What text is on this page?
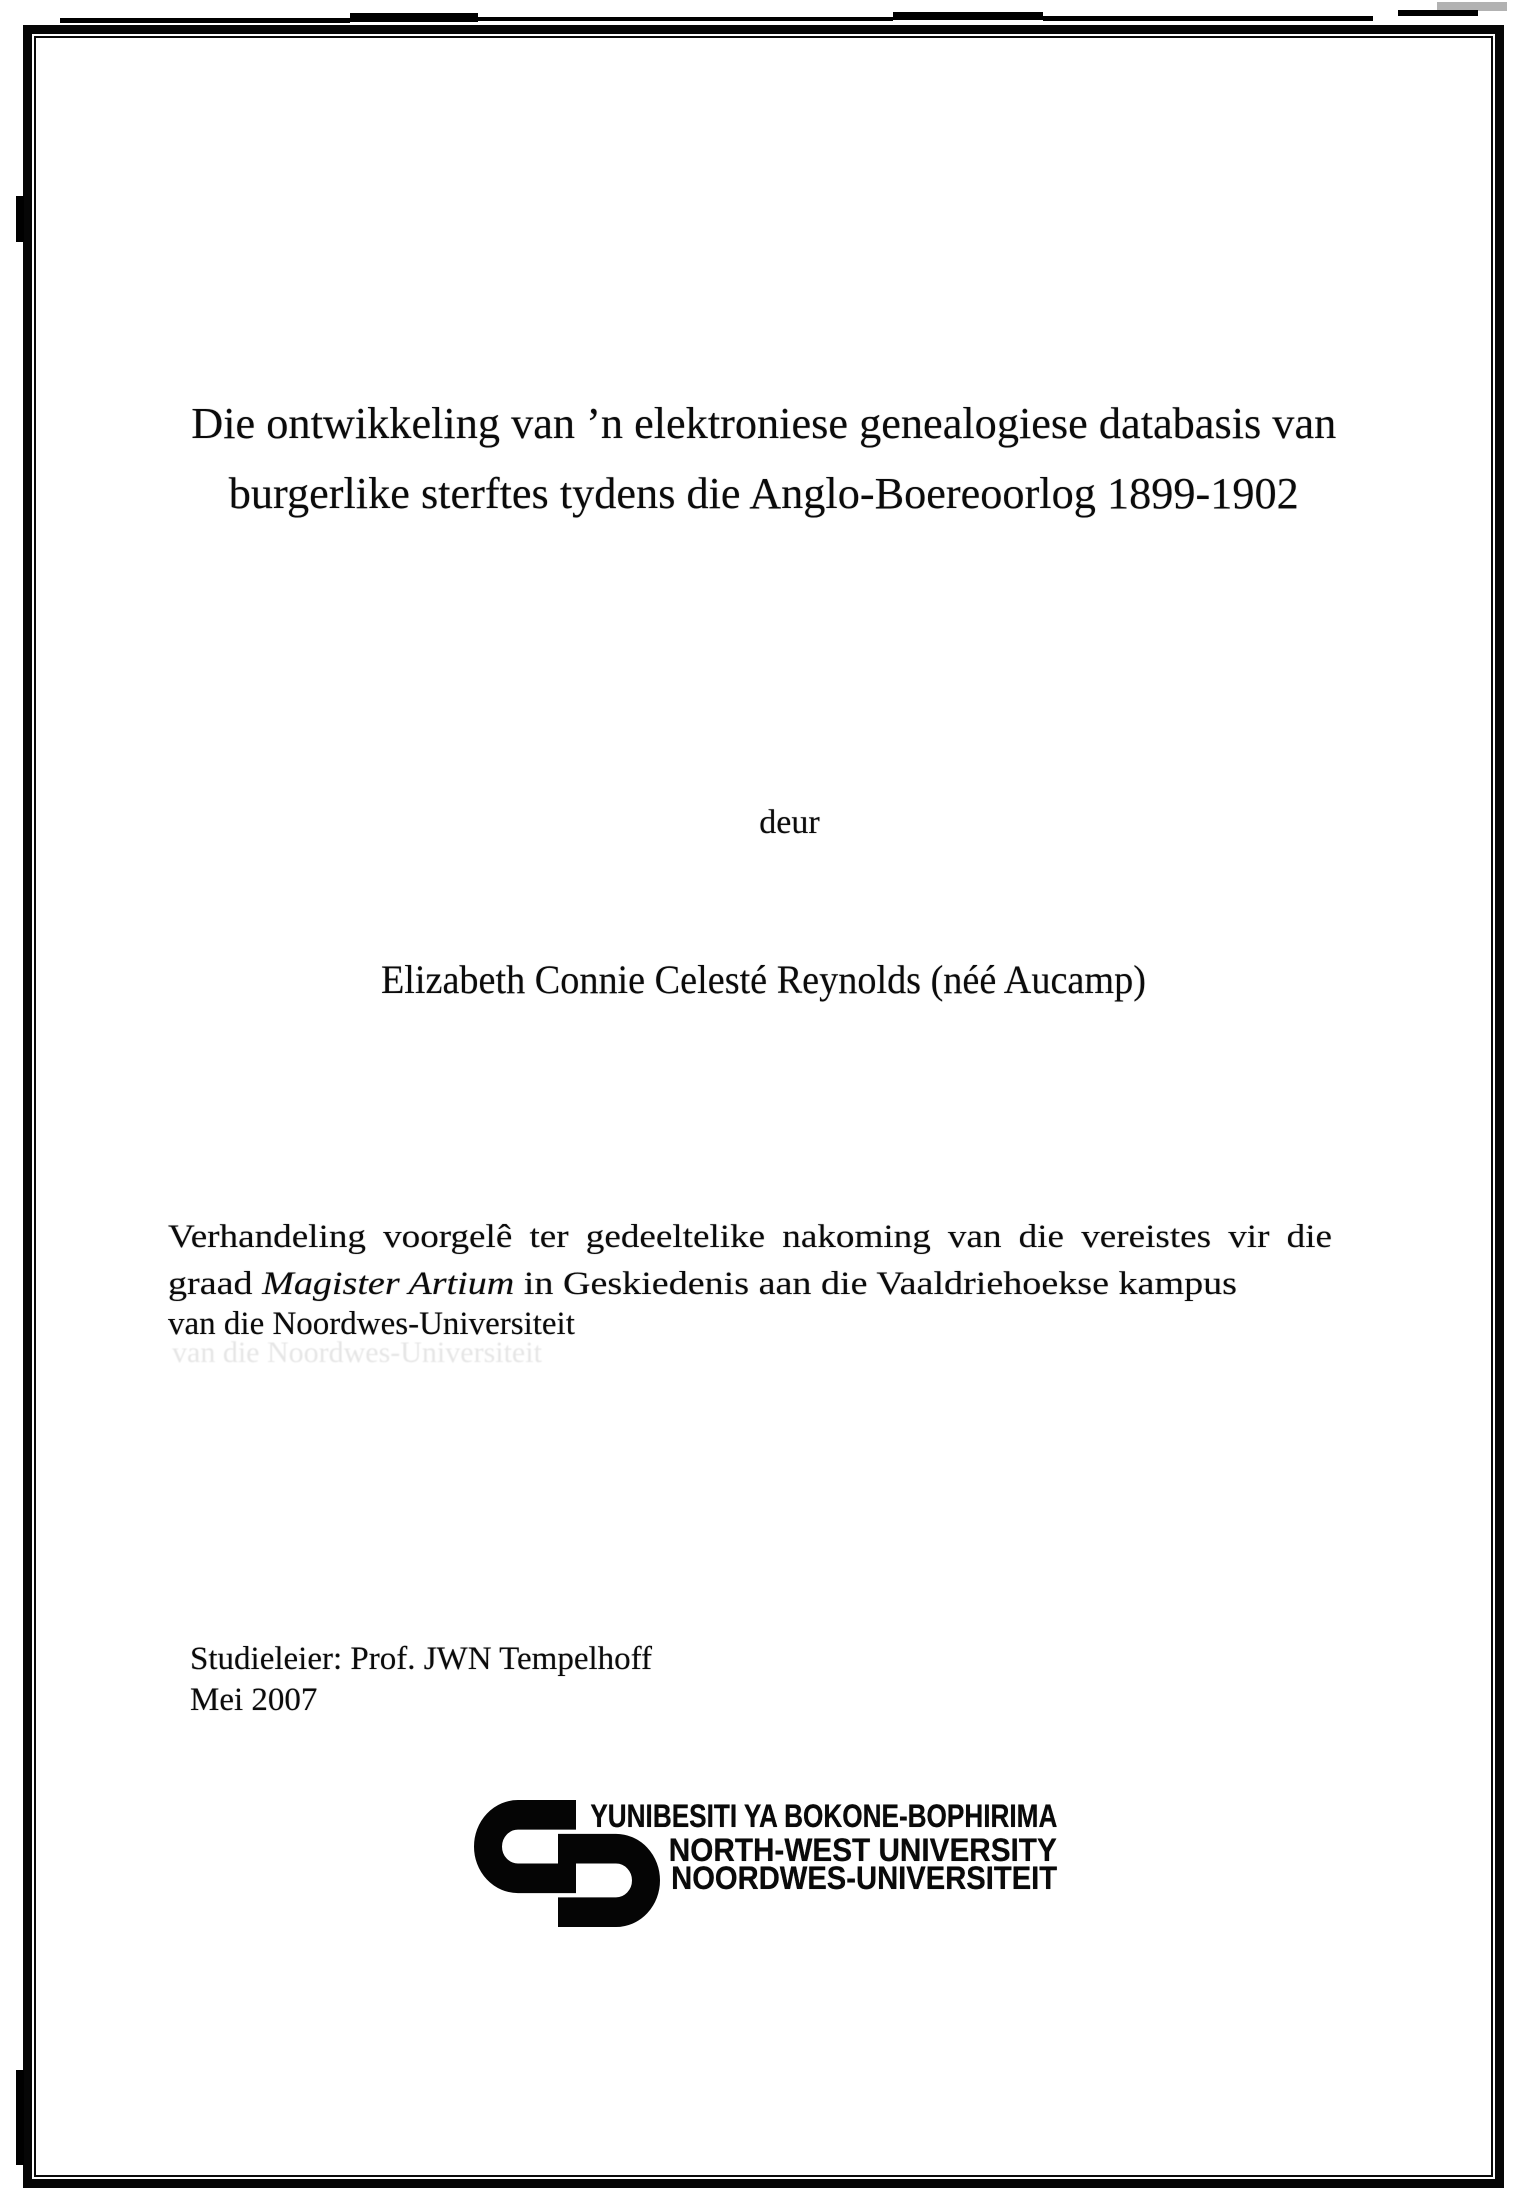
Die ontwikkeling van ’n elektroniese genealogiese databasis van
burgerlike sterftes tydens die Anglo-Boereoorlog 1899-1902
deur
Elizabeth Connie Celesté Reynolds (néé Aucamp)
Verhandeling voorgelê ter gedeeltelike nakoming van die vereistes vir die
graad Magister Artium in Geskiedenis aan die Vaaldriehoekse kampus
van die Noordwes-Universiteit
van die Noordwes-Universiteit
Studieleier: Prof. JWN Tempelhoff
Mei 2007
YUNIBESITI YA BOKONE-BOPHIRIMA
NORTH-WEST UNIVERSITY
NOORDWES-UNIVERSITEIT
